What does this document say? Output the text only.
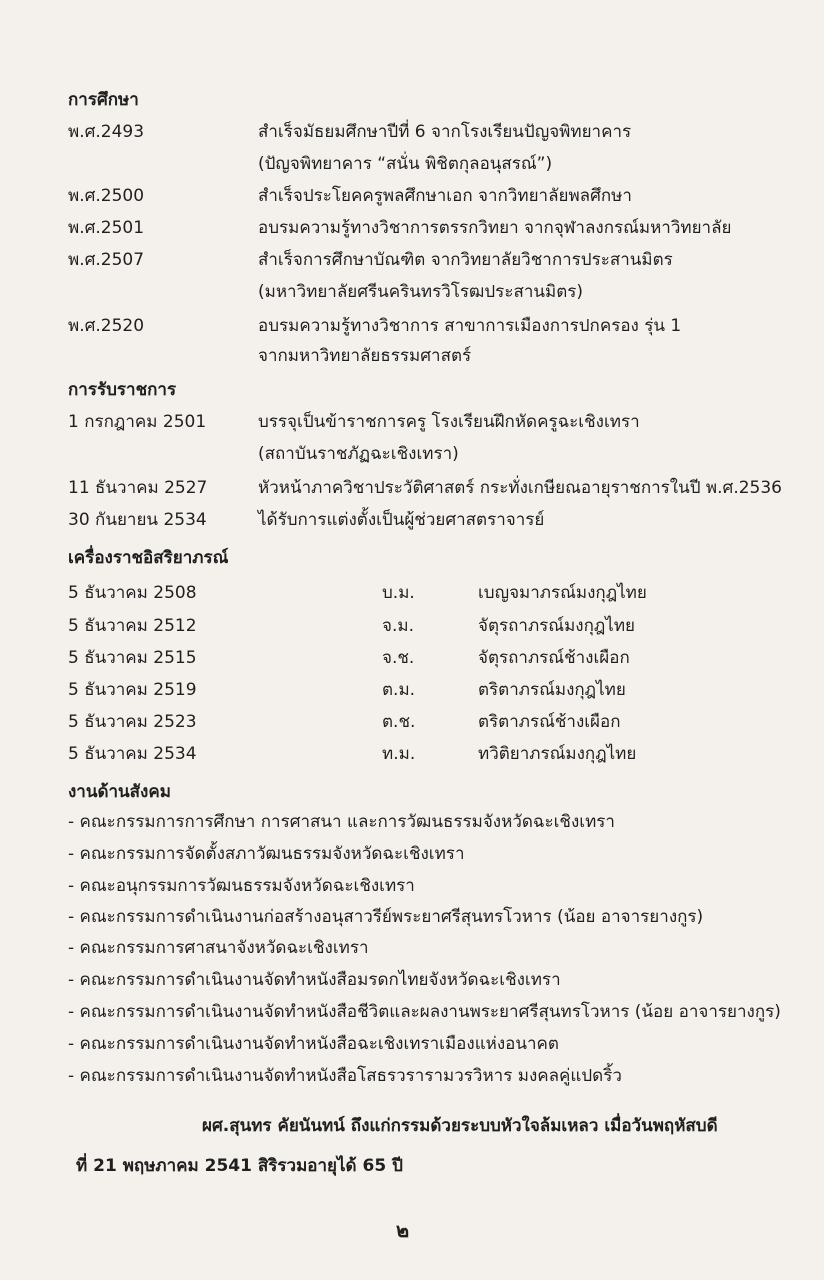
การศึกษา
พ.ศ.2493	สำเร็จมัธยมศึกษาปีที่ 6 จากโรงเรียนปัญจพิทยาคาร
(ปัญจพิทยาคาร “สนั่น พิชิตกุลอนุสรณ์”)
พ.ศ.2500	สำเร็จประโยคครูพลศึกษาเอก จากวิทยาลัยพลศึกษา
พ.ศ.2501	อบรมความรู้ทางวิชาการตรรกวิทยา จากจุฬาลงกรณ์มหาวิทยาลัย
พ.ศ.2507	สำเร็จการศึกษาบัณฑิต จากวิทยาลัยวิชาการประสานมิตร
(มหาวิทยาลัยศรีนครินทรวิโรฒประสานมิตร)
พ.ศ.2520	อบรมความรู้ทางวิชาการ สาขาการเมืองการปกครอง รุ่น 1
จากมหาวิทยาลัยธรรมศาสตร์
การรับราชการ
1 กรกฎาคม 2501	บรรจุเป็นข้าราชการครู โรงเรียนฝึกหัดครูฉะเชิงเทรา
(สถาบันราชภัฏฉะเชิงเทรา)
11 ธันวาคม 2527	หัวหน้าภาควิชาประวัติศาสตร์ กระทั่งเกษียณอายุราชการในปี พ.ศ.2536
30 กันยายน 2534	ได้รับการแต่งตั้งเป็นผู้ช่วยศาสตราจารย์
เครื่องราชอิสริยาภรณ์
5 ธันวาคม 2508	บ.ม.	เบญจมาภรณ์มงกุฎไทย
5 ธันวาคม 2512	จ.ม.	จัตุรถาภรณ์มงกุฎไทย
5 ธันวาคม 2515	จ.ช.	จัตุรถาภรณ์ช้างเผือก
5 ธันวาคม 2519	ต.ม.	ตริตาภรณ์มงกุฎไทย
5 ธันวาคม 2523	ต.ช.	ตริตาภรณ์ช้างเผือก
5 ธันวาคม 2534	ท.ม.	ทวิติยาภรณ์มงกุฎไทย
งานด้านสังคม
- คณะกรรมการการศึกษา การศาสนา และการวัฒนธรรมจังหวัดฉะเชิงเทรา
- คณะกรรมการจัดตั้งสภาวัฒนธรรมจังหวัดฉะเชิงเทรา
- คณะอนุกรรมการวัฒนธรรมจังหวัดฉะเชิงเทรา
- คณะกรรมการดำเนินงานก่อสร้างอนุสาวรีย์พระยาศรีสุนทรโวหาร (น้อย อาจารยางกูร)
- คณะกรรมการศาสนาจังหวัดฉะเชิงเทรา
- คณะกรรมการดำเนินงานจัดทำหนังสือมรดกไทยจังหวัดฉะเชิงเทรา
- คณะกรรมการดำเนินงานจัดทำหนังสือชีวิตและผลงานพระยาศรีสุนทรโวหาร (น้อย อาจารยางกูร)
- คณะกรรมการดำเนินงานจัดทำหนังสือฉะเชิงเทราเมืองแห่งอนาคต
- คณะกรรมการดำเนินงานจัดทำหนังสือโสธรวรารามวรวิหาร มงคลคู่แปดริ้ว
ผศ.สุนทร คัยนันทน์ ถึงแก่กรรมด้วยระบบหัวใจล้มเหลว เมื่อวันพฤหัสบดี
ที่ 21 พฤษภาคม 2541 สิริรวมอายุได้ 65 ปี
๒
